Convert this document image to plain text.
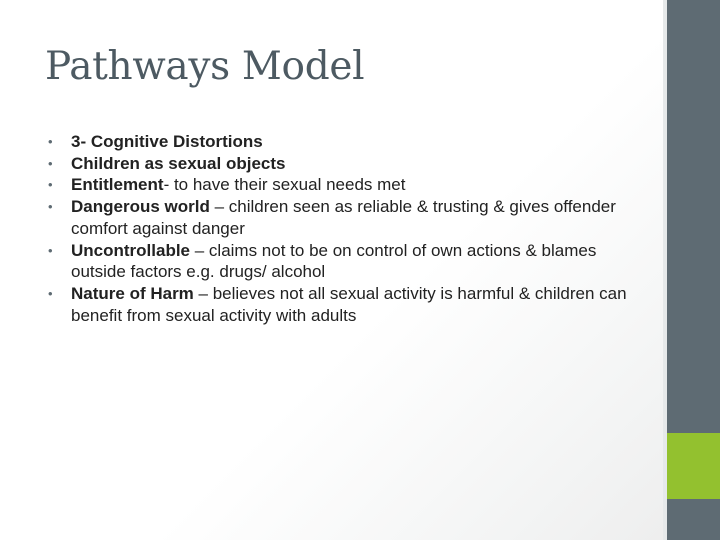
Pathways Model
• 3- Cognitive Distortions
• Children as sexual objects
• Entitlement- to have their sexual needs met
• Dangerous world – children seen as reliable & trusting & gives offender comfort against danger
• Uncontrollable – claims not to be on control of own actions & blames outside factors e.g. drugs/ alcohol
• Nature of Harm – believes not all sexual activity is harmful & children can benefit from sexual activity with adults
